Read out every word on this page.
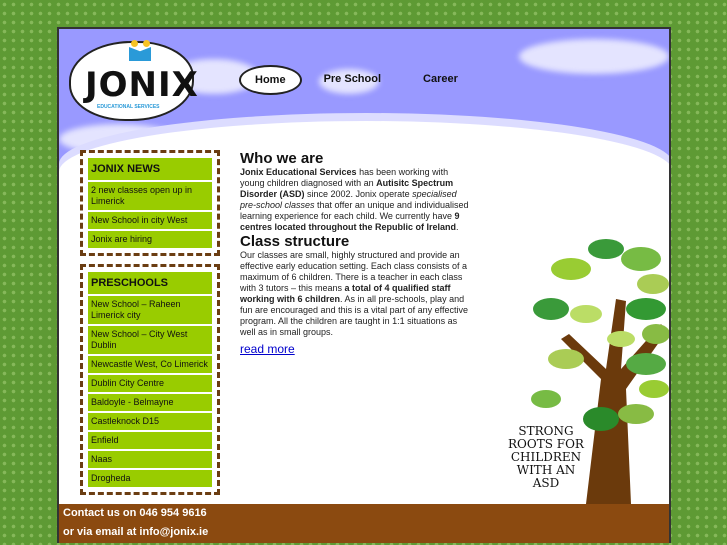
JONIX
EDUCATIONAL SERVICES
Home	Pre School	Career
JONIX NEWS
2 new classes open up in Limerick
New School in city West
Jonix are hiring
PRESCHOOLS
New School – Raheen Limerick city
New School – City West Dublin
Newcastle West, Co Limerick
Dublin City Centre
Baldoyle - Belmayne
Castleknock D15
Enfield
Naas
Drogheda
Who we are

Jonix Educational Services has been working with young children diagnosed with an Autisitc Spectrum Disorder (ASD) since 2002. Jonix operate specialised pre-school classes that offer an unique and individualised learning experience for each child. We currently have 9 centres located throughout the Republic of Ireland.

Class structure

Our classes are small, highly structured and provide an effective early education setting. Each class consists of a maximum of 6 children. There is a teacher in each class with 3 tutors – this means a total of 4 qualified staff working with 6 children. As in all pre-schools, play and fun are encouraged and this is a vital part of any effective program. All the children are taught in 1:1 situations as well as in small groups.

read more
STRONG
ROOTS FOR
CHILDREN
WITH AN
ASD
Contact us on 046 954 9616
or via email at info@jonix.ie
